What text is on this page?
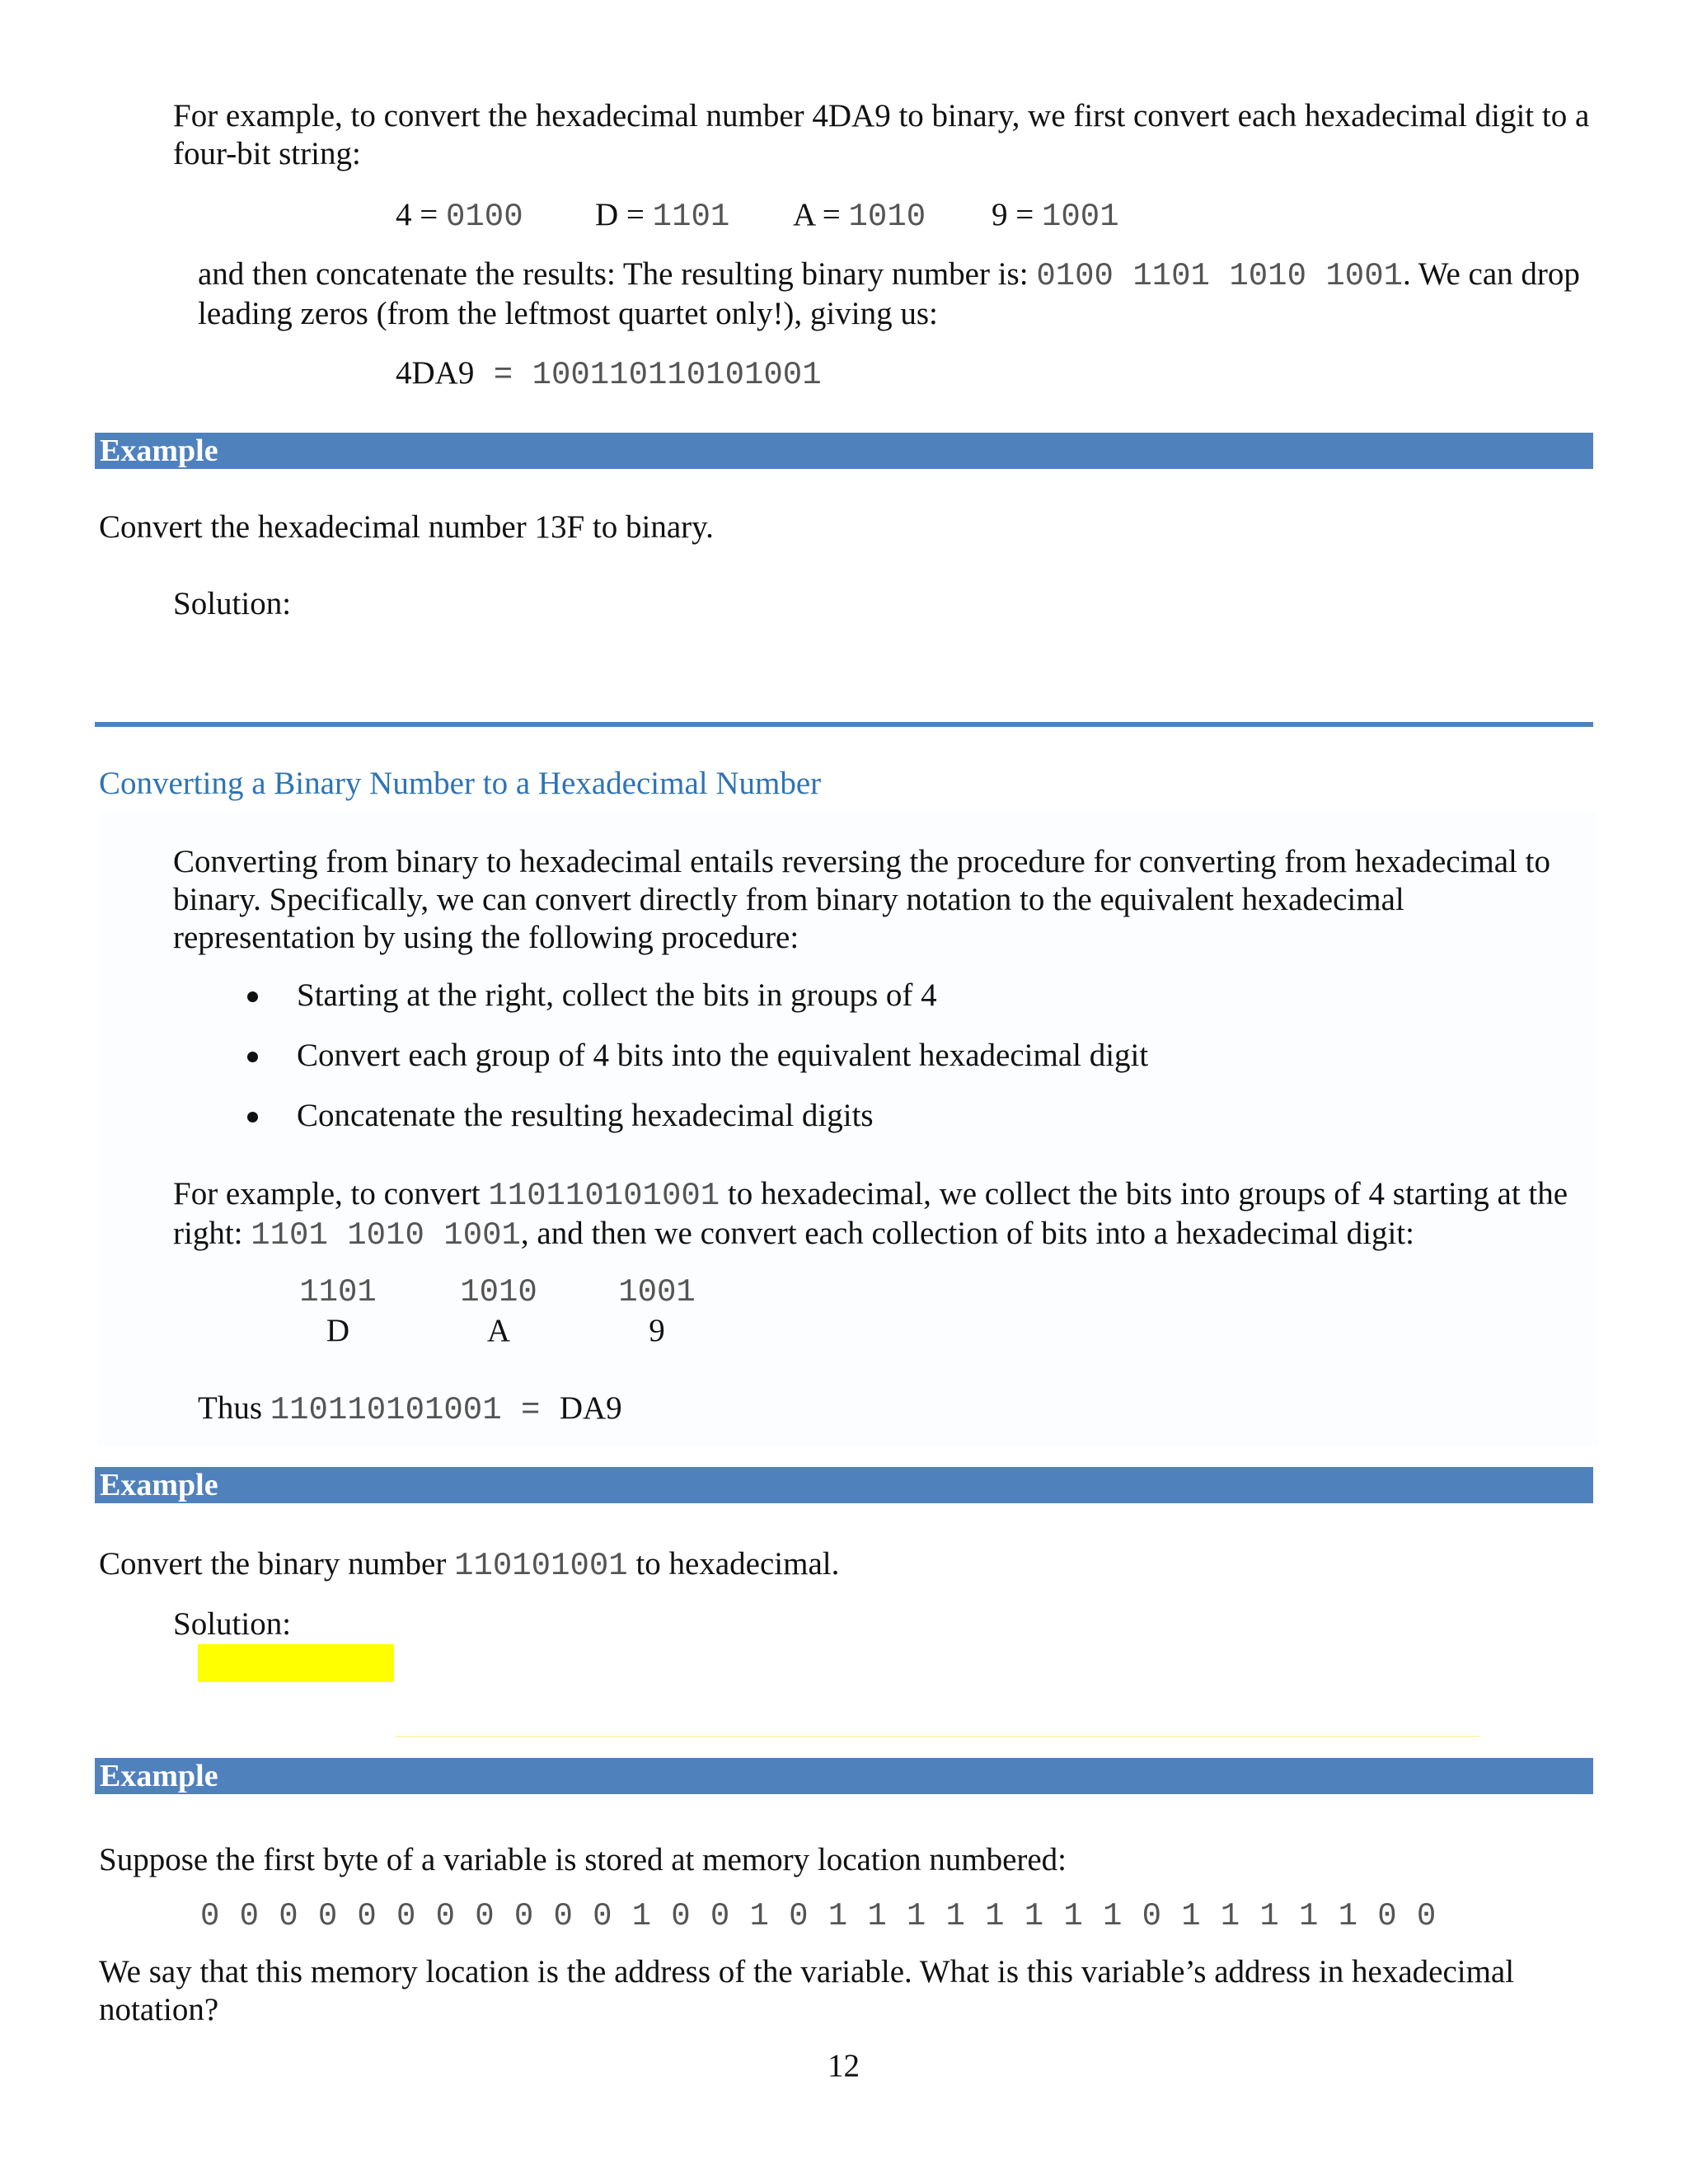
For example, to convert the hexadecimal number 4DA9 to binary, we first convert each hexadecimal digit to a four-bit string:

4 = 0100 D = 1101 A = 1010 9 = 1001

and then concatenate the results: The resulting binary number is: 0100 1101 1010 1001. We can drop leading zeros (from the leftmost quartet only!), giving us:

4DA9 = 100110110101001
Example
Convert the hexadecimal number 13F to binary.
Solution:
Converting a Binary Number to a Hexadecimal Number

Converting from binary to hexadecimal entails reversing the procedure for converting from hexadecimal to binary. Specifically, we can convert directly from binary notation to the equivalent hexadecimal representation by using the following procedure:

Starting at the right, collect the bits in groups of 4
Convert each group of 4 bits into the equivalent hexadecimal digit
Concatenate the resulting hexadecimal digits

For example, to convert 110110101001 to hexadecimal, we collect the bits into groups of 4 starting at the right: 1101 1010 1001, and then we convert each collection of bits into a hexadecimal digit:

1101
D
1010
A
1001
9
Thus 110110101001 = DA9
Example
Convert the binary number 110101001 to hexadecimal.
Solution:
Example
Suppose the first byte of a variable is stored at memory location numbered:
0 0 0 0 0 0 0 0 0 0 0 1 0 0 1 0 1 1 1 1 1 1 1 1 0 1 1 1 1 1 0 0

We say that this memory location is the address of the variable. What is this variable’s address in hexadecimal notation?

12
